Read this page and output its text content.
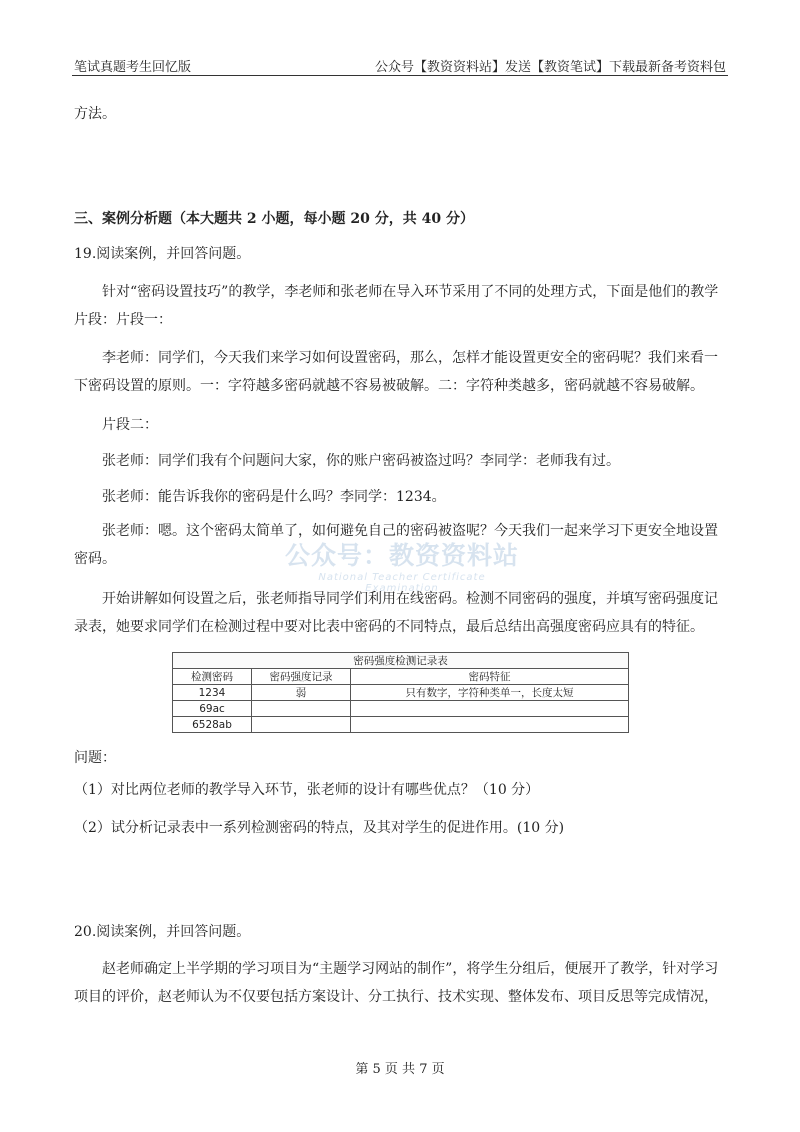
笔试真题考生回忆版	公众号【教资资料站】发送【教资笔试】下载最新备考资料包
方法。
三、案例分析题（本大题共 2 小题，每小题 20 分，共 40 分）
19.阅读案例，并回答问题。
针对“密码设置技巧”的教学，李老师和张老师在导入环节采用了不同的处理方式，下面是他们的教学片段：片段一：
李老师：同学们，今天我们来学习如何设置密码，那么，怎样才能设置更安全的密码呢？我们来看一下密码设置的原则。一：字符越多密码就越不容易被破解。二：字符种类越多，密码就越不容易破解。
片段二：
张老师：同学们我有个问题问大家，你的账户密码被盗过吗？李同学：老师我有过。
张老师：能告诉我你的密码是什么吗？李同学：1234。
张老师：嗯。这个密码太简单了，如何避免自己的密码被盗呢？今天我们一起来学习下更安全地设置密码。	公众号：教资资料站
National Teacher Certificate Examination
开始讲解如何设置之后，张老师指导同学们利用在线密码。检测不同密码的强度，并填写密码强度记录表，她要求同学们在检测过程中要对比表中密码的不同特点，最后总结出高强度密码应具有的特征。
密码强度检测记录表		
检测密码	密码强度记录	密码特征
1234	弱	只有数字，字符种类单一，长度太短
69ac		
6528ab		
问题：
（1）对比两位老师的教学导入环节，张老师的设计有哪些优点？（10 分）
（2）试分析记录表中一系列检测密码的特点，及其对学生的促进作用。(10 分)
20.阅读案例，并回答问题。
赵老师确定上半学期的学习项目为“主题学习网站的制作”，将学生分组后，便展开了教学，针对学习项目的评价，赵老师认为不仅要包括方案设计、分工执行、技术实现、整体发布、项目反思等完成情况，
第 5 页 共 7 页
